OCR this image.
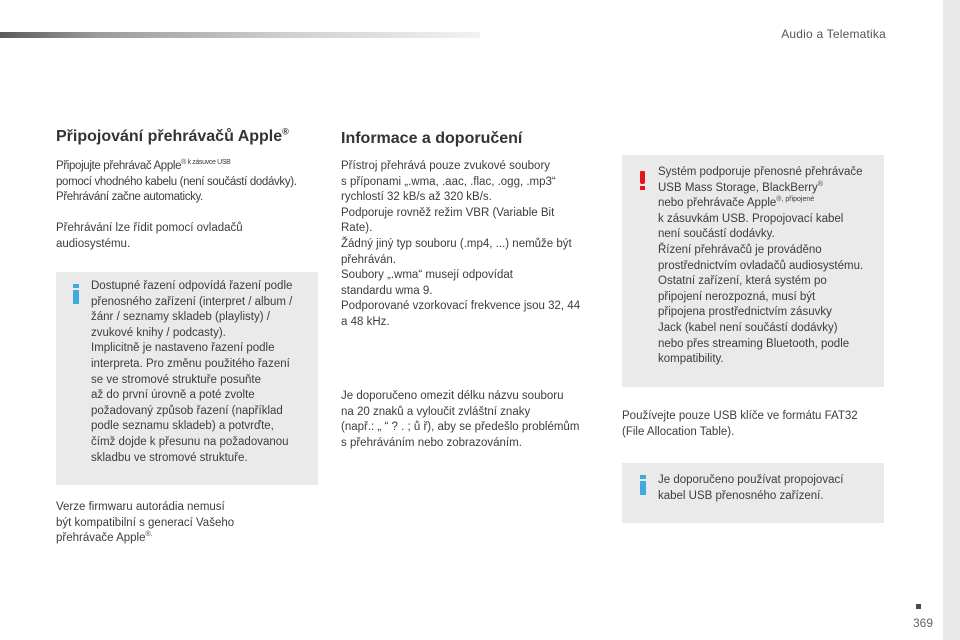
Audio a Telematika
Připojování přehrávačů Apple®
Připojujte přehrávač Apple$^{® k zásuvce USB}$
pomocí vhodného kabelu (není součástí dodávky).
Přehrávání začne automaticky.
Přehrávání lze řídit pomocí ovladačů
audiosystému.
Dostupné řazení odpovídá řazení podle
přenosného zařízení (interpret / album /
žánr / seznamy skladeb (playlisty) /
zvukové knihy / podcasty).
Implicitně je nastaveno řazení podle
interpreta. Pro změnu použitého řazení
se ve stromové struktuře posuňte
až do první úrovně a poté zvolte
požadovaný způsob řazení (například
podle seznamu skladeb) a potvrďte,
čímž dojde k přesunu na požadovanou
skladbu ve stromové struktuře.
Verze firmwaru autorádia nemusí
být kompatibilní s generací Vašeho
přehrávače Apple®.
Informace a doporučení
Přístroj přehrává pouze zvukové soubory
s příponami „.wma, .aac, .flac, .ogg, .mp3“
rychlostí 32 kB/s až 320 kB/s.
Podporuje rovněž režim VBR (Variable Bit
Rate).
Žádný jiný typ souboru (.mp4, ...) nemůže být
přehráván.
Soubory „.wma“ musejí odpovídat
standardu wma 9.
Podporované vzorkovací frekvence jsou 32, 44
a 48 kHz.
Je doporučeno omezit délku názvu souboru
na 20 znaků a vyloučit zvláštní znaky
(např.: „ “ ? . ; ů ř), aby se předešlo problémům
s přehráváním nebo zobrazováním.
Systém podporuje přenosné přehrávače
USB Mass Storage, BlackBerry®
nebo přehrávače Apple$^{®, připojené}$
k zásuvkám USB. Propojovací kabel
není součástí dodávky.
Řízení přehrávačů je prováděno
prostřednictvím ovladačů audiosystému.
Ostatní zařízení, která systém po
připojení nerozpozná, musí být
připojena prostřednictvím zásuvky
Jack (kabel není součástí dodávky)
nebo přes streaming Bluetooth, podle
kompatibility.
Používejte pouze USB klíče ve formátu FAT32
(File Allocation Table).
Je doporučeno používat propojovací
kabel USB přenosného zařízení.
369
